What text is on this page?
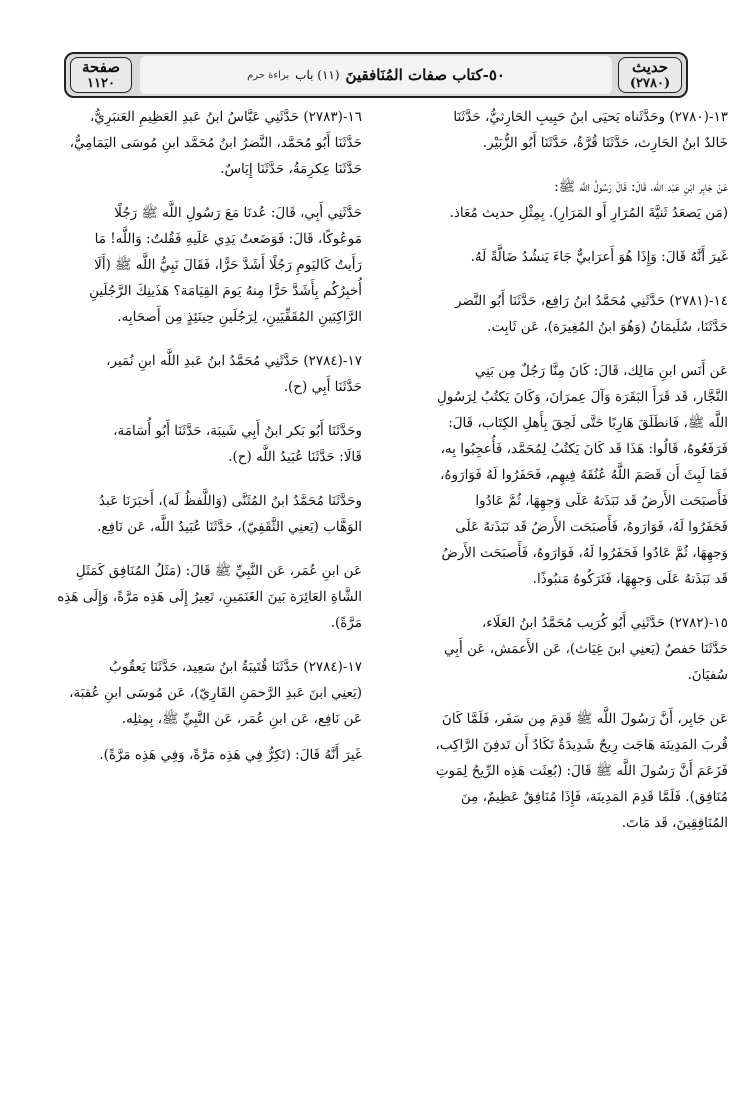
حديث
(٢٧٨٠)
٥٠-كتاب صفات المُنَافقينَ
(١١) باب
براءة حرم
صفحة
١١٢٠

١٣-(٢٧٨٠) وحَدَّثَناه يَحيَى ابنُ حَبِيبِ الحَارِثيُّ، حَدَّثَنَا

خَالدٌ ابنُ الحَارِث، حَدَّثَنَا قُرَّةُ، حَدَّثَنَا أَبُو الزُّبَيْر.

عَنْ جَابِر ابْنِ عَبْد الله، قَالَ: قَالَ رَسُولُ اللَّه ﷺ:

(مَن يَصعَدُ ثَنيَّةَ المُرَارِ أَو المَرَارِ). بِمِثْلِ حديث مُعَاذ.

غَيرَ أَنَّهُ قَالَ: وَإِذَا هُوَ أَعرَابيٌّ جَاءَ يَنشُدُ ضَالَّةً لَهُ.

١٤-(٢٧٨١) حَدَّثَنِي مُحَمَّدُ ابنُ رَافِع، حَدَّثَنَا أَبُو النَّضر

حَدَّثَنَا، سُلَيمَانُ (وَهُوَ ابنُ المُغِيرَة)، عَن ثَابِت.

عَن أَنَس ابنِ مَالِك، قَالَ: كَانَ مِنَّا رَجُلٌ مِن بَنِي

النَّجَّار، قَد قَرَأَ البَقَرَة وَآلَ عِمرَانَ، وَكَانَ يَكتُبُ لِرَسُولِ

اللَّه ﷺ، فَانطَلَقَ هَارِبًا حَتَّى لَحِقَ بِأَهلِ الكِتَاب، قَالَ:

فَرَفَعُوهُ، قَالُوا: هَذَا قَد كَانَ يَكتُبُ لِمُحَمَّد، فَأُعجِبُوا بِه،

فَمَا لَبِثَ أَن قَصَمَ اللَّهُ عُنُقَهُ فِيهِم، فَحَفَرُوا لَهُ فَوَارَوهُ،

فَأَصبَحَت الأَرضُ قَد نَبَذَتهُ عَلَى وَجهِهَا، ثُمَّ عَادُوا

فَحَفَرُوا لَهُ، فَوَارَوهُ، فَأَصبَحَت الأَرضُ قَد نَبَذَتهُ عَلَى

وَجهِهَا، ثُمَّ عَادُوا فَحَفَرُوا لَهُ، فَوَارَوهُ، فَأَصبَحَت الأَرضُ

قَد نَبَذَتهُ عَلَى وَجهِهَا، فَتَرَكُوهُ مَنبُوذًا.

١٥-(٢٧٨٢) حَدَّثَنِي أَبُو كُرَيب مُحَمَّدُ ابنُ العَلَاء،

حَدَّثَنَا حَفصٌ (يَعنِي ابنَ غِيَاث)، عَن الأَعمَش، عَن أَبِي

سُفيَانَ.

عَن جَابِر، أَنَّ رَسُولَ اللَّه ﷺ قَدِمَ مِن سَفَر، فَلَمَّا كَانَ

قُربَ المَدِينَة هَاجَت رِيحٌ شَدِيدَةٌ تَكَادُ أَن تَدفِنَ الرَّاكِب،

فَزَعَمَ أَنَّ رَسُولَ اللَّه ﷺ قَالَ: (بُعِثَت هَذِه الرِّيحُ لِمَوتِ

مُنَافِق). فَلَمَّا قَدِمَ المَدِينَة، فَإِذَا مُنَافِقٌ عَظِيمٌ، مِنَ

المُنَافِقِينَ، قَد مَاتَ.

١٦-(٢٧٨٣) حَدَّثَنِي عَبَّاسُ ابنُ عَبدِ العَظِيمِ العَنبَرِيُّ،

حَدَّثَنَا أَبُو مُحَمَّد، النَّضرُ ابنُ مُحَمَّد ابنِ مُوسَى اليَمَامِيُّ،

حَدَّثَنَا عِكرِمَةُ، حَدَّثَنَا إِيَاسٌ.

حَدَّثَنِي أَبِي، قَالَ: عُدنَا مَعَ رَسُولِ اللَّه ﷺ رَجُلًا

مَوعُوكًا، قَالَ: فَوَضَعتُ يَدِي عَلَيهِ فَقُلتُ: وَاللَّه! مَا

رَأَيتُ كَاليَومِ رَجُلًا أَشَدَّ حَرًّا، فَقَالَ نَبِيُّ اللَّه ﷺ (أَلَا

أُخبِرُكُم بِأَشَدَّ حَرًّا مِنهُ يَومَ القِيَامَة؟ هَذَينِكَ الرَّجُلَينِ

الرَّاكِبَينِ المُقَفِّيَينِ، لِرَجُلَينِ حِينَئِذٍ مِن أَصحَابِه.

١٧-(٢٧٨٤) حَدَّثَنِي مُحَمَّدُ ابنُ عَبدِ اللَّه ابنِ نُمَير،

حَدَّثَنَا أَبِي (ح).

وحَدَّثَنَا أَبُو بَكر ابنُ أَبِي شَيبَة، حَدَّثَنَا أَبُو أُسَامَة،

قَالَا: حَدَّثَنَا عُبَيدُ اللَّه (ح).

وحَدَّثَنَا مُحَمَّدُ ابنُ المُثَنَّى (وَاللَّفظُ لَه)، أَخبَرَنَا عَبدُ

الوَهَّاب (يَعنِي الثَّقَفِيّ)، حَدَّثَنَا عُبَيدُ اللَّه، عَن نَافِع.

عَن ابنِ عُمَر، عَن النَّبِيِّ ﷺ قَالَ: (مَثَلُ المُنَافِق كَمَثَلِ

الشَّاةِ العَائِرَة بَينَ الغَنَمَينِ، تَعِيرُ إِلَى هَذِه مَرَّةً، وَإِلَى هَذِه

مَرَّةً).

١٧-(٢٧٨٤) حَدَّثَنَا قُتَيبَةُ ابنُ سَعِيد، حَدَّثَنَا يَعقُوبُ

(يَعنِي ابنَ عَبدِ الرَّحمَنِ القَارِيّ)، عَن مُوسَى ابنِ عُقبَة،

عَن نَافِع، عَن ابنِ عُمَر، عَن النَّبِيِّ ﷺ، بِمِثلِه.

غَيرَ أَنَّهُ قَالَ: (تَكِرُّ فِي هَذِه مَرَّةً، وَفِي هَذِه مَرَّةً).
